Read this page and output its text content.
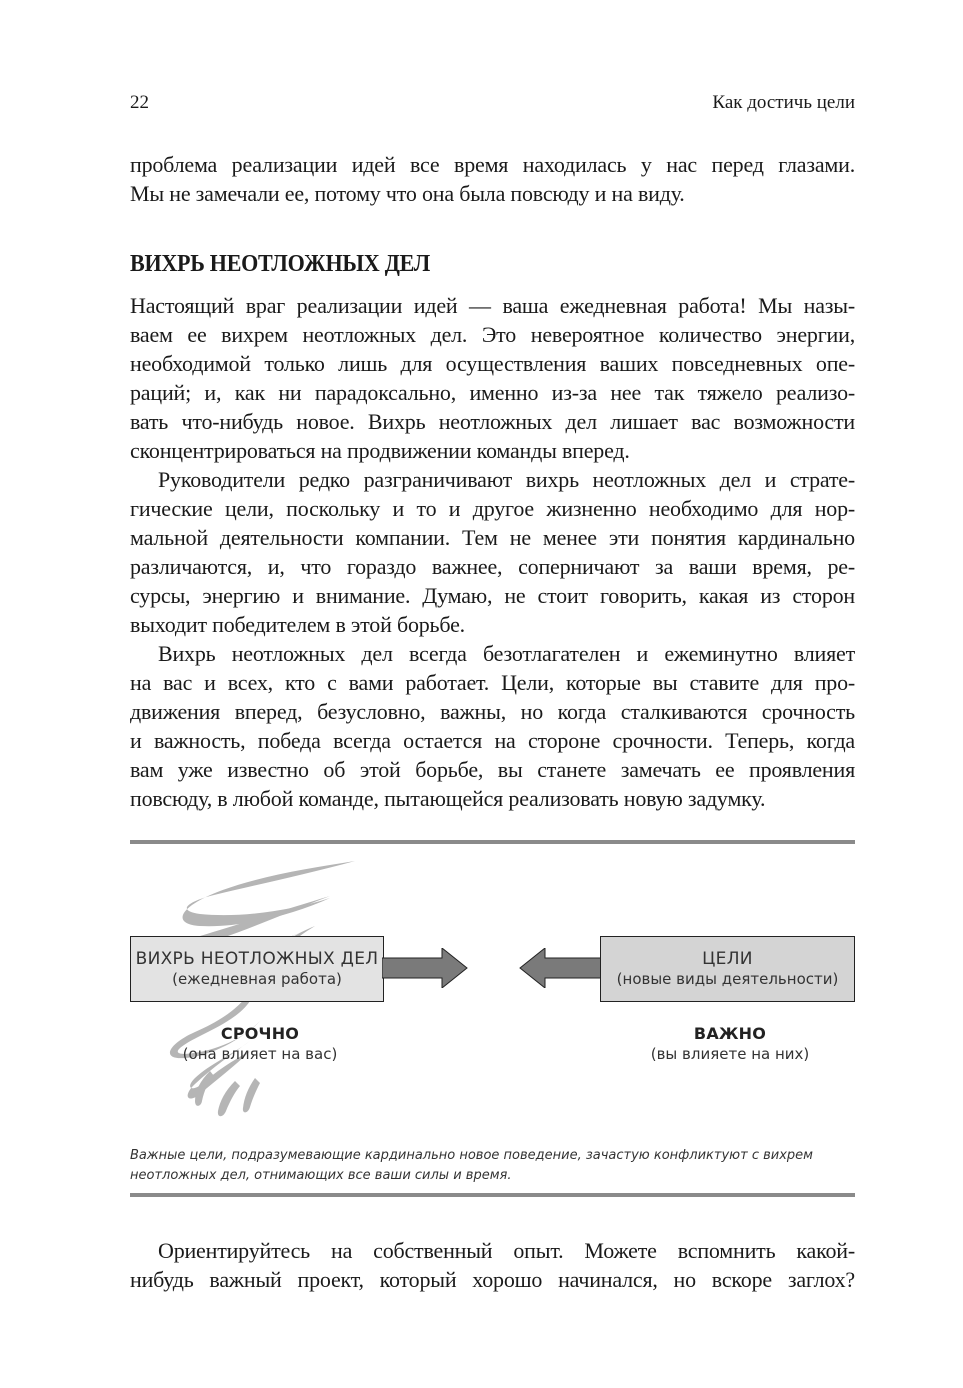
22	Как достичь цели

проблема реализации идей все время находилась у нас перед глазами.
Мы не замечали ее, потому что она была повсюду и на виду.

ВИХРЬ НЕОТЛОЖНЫХ ДЕЛ

Настоящий враг реализации идей — ваша ежедневная работа! Мы назы-
ваем ее вихрем неотложных дел. Это невероятное количество энергии,
необходимой только лишь для осуществления ваших повседневных опе-
раций; и, как ни парадоксально, именно из-за нее так тяжело реализо-
вать что-нибудь новое. Вихрь неотложных дел лишает вас возможности
сконцентрироваться на продвижении команды вперед.

Руководители редко разграничивают вихрь неотложных дел и страте-
гические цели, поскольку и то и другое жизненно необходимо для нор-
мальной деятельности компании. Тем не менее эти понятия кардинально
различаются, и, что гораздо важнее, соперничают за ваши время, ре-
сурсы, энергию и внимание. Думаю, не стоит говорить, какая из сторон
выходит победителем в этой борьбе.

Вихрь неотложных дел всегда безотлагателен и ежеминутно влияет
на вас и всех, кто с вами работает. Цели, которые вы ставите для про-
движения вперед, безусловно, важны, но когда сталкиваются срочность
и важность, победа всегда остается на стороне срочности. Теперь, когда
вам уже известно об этой борьбе, вы станете замечать ее проявления
повсюду, в любой команде, пытающейся реализовать новую задумку.

ВИХРЬ НЕОТЛОЖНЫХ ДЕЛ
(ежедневная работа)
ЦЕЛИ
(новые виды деятельности)
СРОЧНО
(она влияет на вас)
ВАЖНО
(вы влияете на них)
Важные цели, подразумевающие кардинально новое поведение, зачастую конфликтуют с вихрем
неотложных дел, отнимающих все ваши силы и время.

Ориентируйтесь на собственный опыт. Можете вспомнить какой-
нибудь важный проект, который хорошо начинался, но вскоре заглох?
